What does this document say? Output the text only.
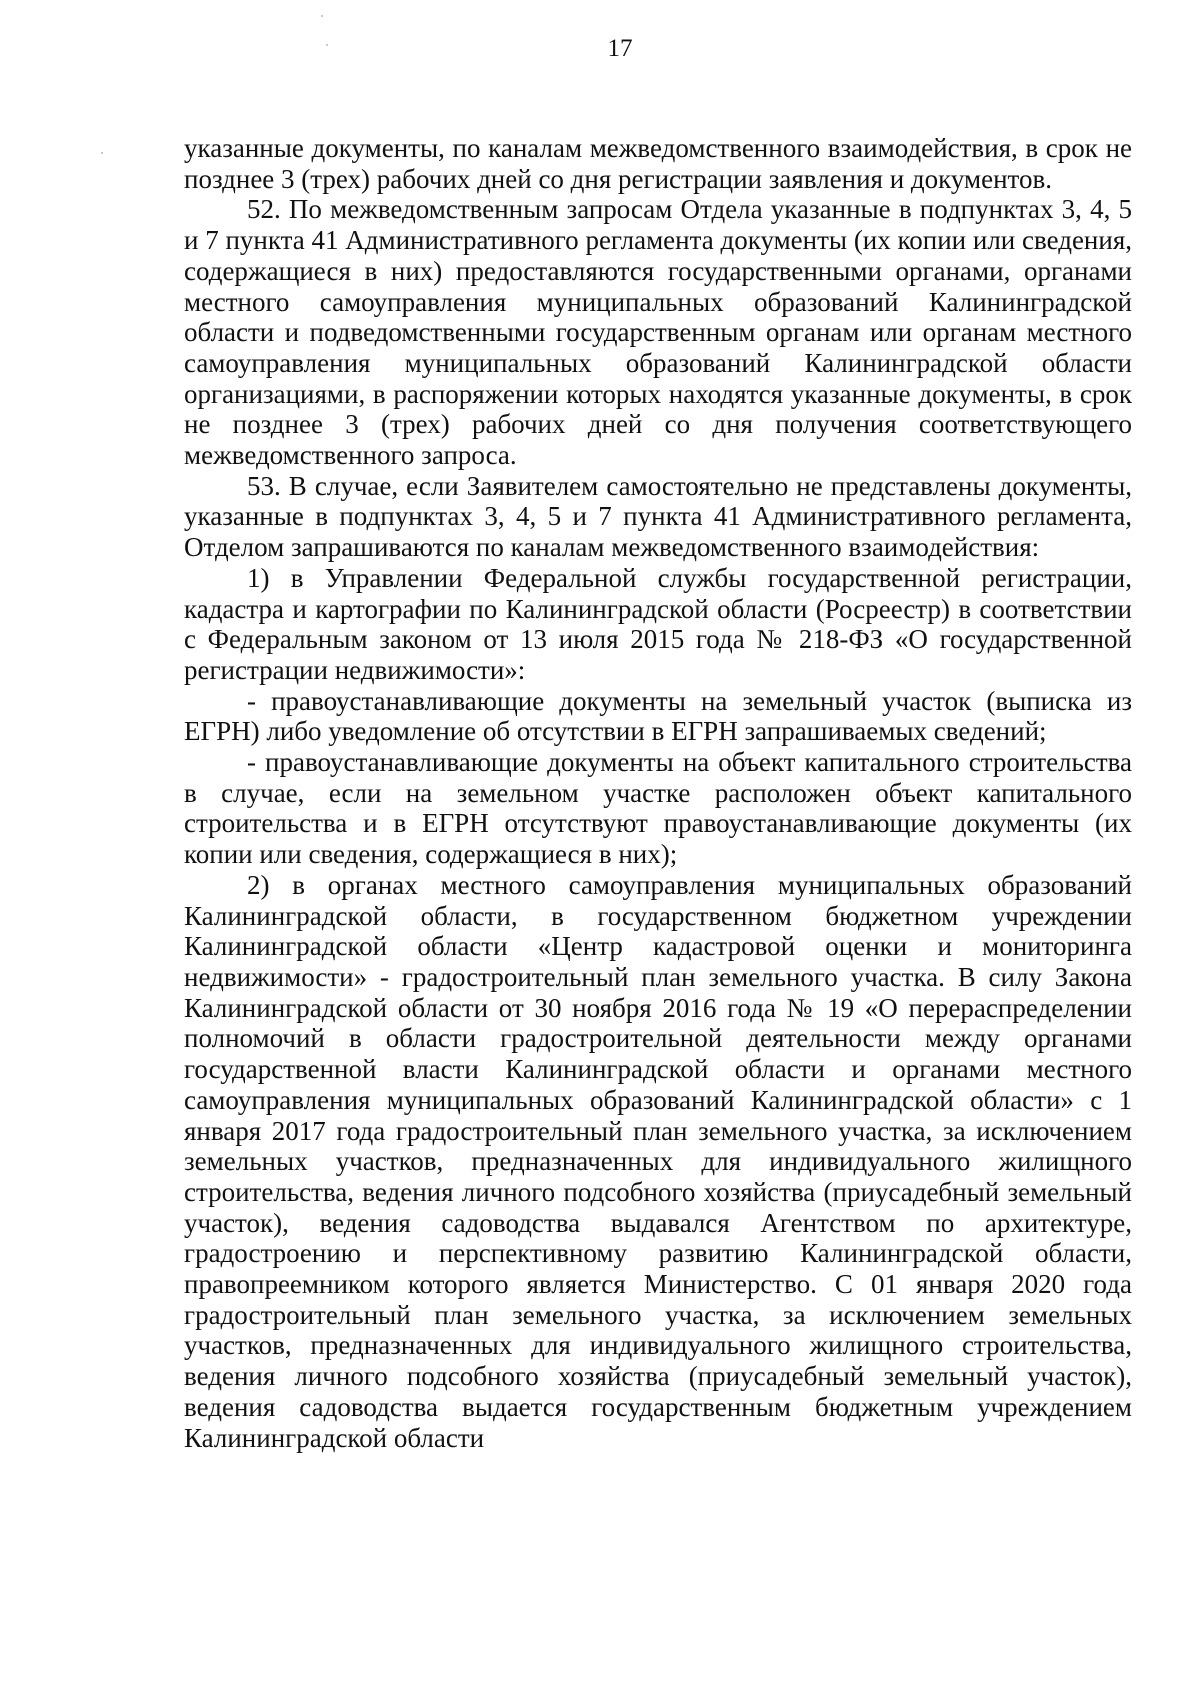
17

указанные документы, по каналам межведомственного взаимодействия, в срок не позднее 3 (трех) рабочих дней со дня регистрации заявления и документов.

52. По межведомственным запросам Отдела указанные в подпунктах 3, 4, 5 и 7 пункта 41 Административного регламента документы (их копии или сведения, содержащиеся в них) предоставляются государственными органами, органами местного самоуправления муниципальных образований Калининградской области и подведомственными государственным органам или органам местного самоуправления муниципальных образований Калининградской области организациями, в распоряжении которых находятся указанные документы, в срок не позднее 3 (трех) рабочих дней со дня получения соответствующего межведомственного запроса.

53. В случае, если Заявителем самостоятельно не представлены документы, указанные в подпунктах 3, 4, 5 и 7 пункта 41 Административного регламента, Отделом запрашиваются по каналам межведомственного взаимодействия:

1) в Управлении Федеральной службы государственной регистрации, кадастра и картографии по Калининградской области (Росреестр) в соответствии с Федеральным законом от 13 июля 2015 года № 218-ФЗ «О государственной регистрации недвижимости»:

- правоустанавливающие документы на земельный участок (выписка из ЕГРН) либо уведомление об отсутствии в ЕГРН запрашиваемых сведений;

- правоустанавливающие документы на объект капитального строительства в случае, если на земельном участке расположен объект капитального строительства и в ЕГРН отсутствуют правоустанавливающие документы (их копии или сведения, содержащиеся в них);

2) в органах местного самоуправления муниципальных образований Калининградской области, в государственном бюджетном учреждении Калининградской области «Центр кадастровой оценки и мониторинга недвижимости» - градостроительный план земельного участка. В силу Закона Калининградской области от 30 ноября 2016 года № 19 «О перераспределении полномочий в области градостроительной деятельности между органами государственной власти Калининградской области и органами местного самоуправления муниципальных образований Калининградской области» с 1 января 2017 года градостроительный план земельного участка, за исключением земельных участков, предназначенных для индивидуального жилищного строительства, ведения личного подсобного хозяйства (приусадебный земельный участок), ведения садоводства выдавался Агентством по архитектуре, градостроению и перспективному развитию Калининградской области, правопреемником которого является Министерство. С 01 января 2020 года градостроительный план земельного участка, за исключением земельных участков, предназначенных для индивидуального жилищного строительства, ведения личного подсобного хозяйства (приусадебный земельный участок), ведения садоводства выдается государственным бюджетным учреждением Калининградской области
